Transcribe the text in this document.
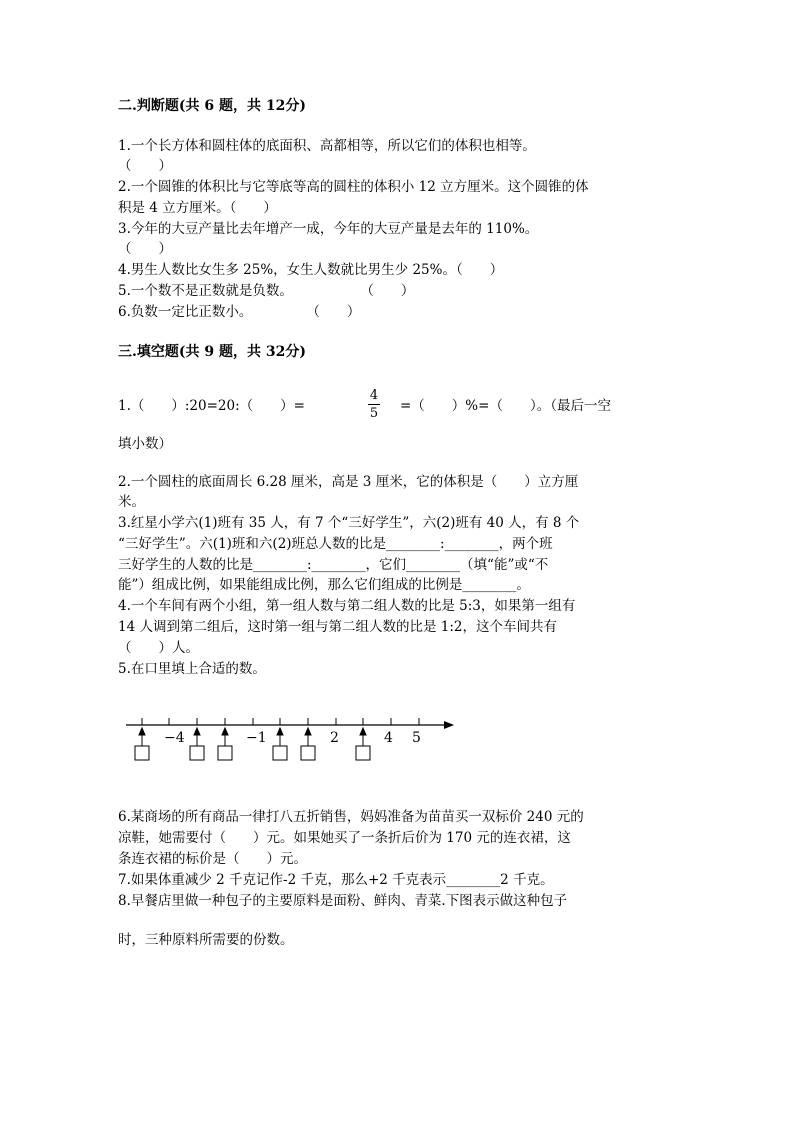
二.判断题(共 6 题，共 12分)
1.一个长方体和圆柱体的底面积、高都相等，所以它们的体积也相等。
（　　）
2.一个圆锥的体积比与它等底等高的圆柱的体积小 12 立方厘米。这个圆锥的体
积是 4 立方厘米。（　　）
3.今年的大豆产量比去年增产一成，今年的大豆产量是去年的 110%。
（　　）
4.男生人数比女生多 25%，女生人数就比男生少 25%。（　　）
5.一个数不是正数就是负数。　　　　　　（　　）
6.负数一定比正数小。　　　　　（　　）
三.填空题(共 9 题，共 32分)
1.（　　）:20=20:（　　）=
4
5 =（　　）%=（　　）。（最后一空
填小数）
2.一个圆柱的底面周长 6.28 厘米，高是 3 厘米，它的体积是（　　）立方厘
米。
3.红星小学六(1)班有 35 人，有 7 个“三好学生”，六(2)班有 40 人，有 8 个
“三好学生”。六(1)班和六(2)班总人数的比是________:________，两个班
三好学生的人数的比是________:________，它们________（填“能”或“不
能”）组成比例，如果能组成比例，那么它们组成的比例是________。
4.一个车间有两个小组，第一组人数与第二组人数的比是 5:3，如果第一组有
14 人调到第二组后，这时第一组与第二组人数的比是 1:2，这个车间共有
（　　）人。
5.在口里填上合适的数。
−4	−1	2	4 5
6.某商场的所有商品一律打八五折销售，妈妈准备为苗苗买一双标价 240 元的
凉鞋，她需要付（　　）元。如果她买了一条折后价为 170 元的连衣裙，这
条连衣裙的标价是（　　）元。
7.如果体重减少 2 千克记作-2 千克，那么+2 千克表示________2 千克。
8.早餐店里做一种包子的主要原料是面粉、鲜肉、青菜.下图表示做这种包子
时，三种原料所需要的份数。
